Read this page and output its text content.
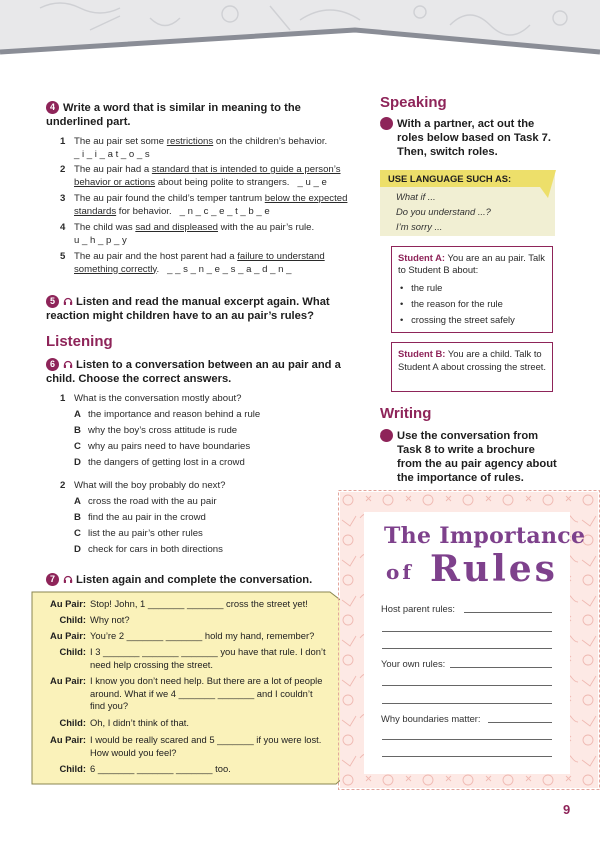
4 Write a word that is similar in meaning to the underlined part.
1 The au pair set some restrictions on the children’s behavior.
_ i _ i _ a t _ o _ s
2 The au pair had a standard that is intended to guide a person’s behavior or actions about being polite to strangers. _ u _ e
3 The au pair found the child’s temper tantrum below the expected standards for behavior. _ n _ c _ e _ t _ b _ e
4 The child was sad and displeased with the au pair’s rule.
u _ h _ p _ y
5 The au pair and the host parent had a failure to understand something correctly. _ _ s _ n _ e _ s _ a _ d _ n _
5 Listen and read the manual excerpt again. What reaction might children have to an au pair’s rules?
Listening
6 Listen to a conversation between an au pair and a child. Choose the correct answers.
1 What is the conversation mostly about?
A the importance and reason behind a rule
B why the boy’s cross attitude is rude
C why au pairs need to have boundaries
D the dangers of getting lost in a crowd
2 What will the boy probably do next?
A cross the road with the au pair
B find the au pair in the crowd
C list the au pair’s other rules
D check for cars in both directions
7 Listen again and complete the conversation.
Au Pair: Stop! John, 1 _______ _______ cross the street yet!
Child: Why not?
Au Pair: You’re 2 _______ _______ hold my hand, remember?
Child: I 3 _______ _______ _______ you have that rule. I don’t need help crossing the street.
Au Pair: I know you don’t need help. But there are a lot of people around. What if we 4 _______ _______ and I couldn’t find you?
Child: Oh, I didn’t think of that.
Au Pair: I would be really scared and 5 _______ if you were lost. How would you feel?
Child: 6 _______ _______ _______ too.
Speaking
8 With a partner, act out the roles below based on Task 7. Then, switch roles.
USE LANGUAGE SUCH AS:
What if ...
Do you understand ...?
I’m sorry ...
Student A: You are an au pair. Talk to Student B about:
•   the rule
•   the reason for the rule
•   crossing the street safely
Student B: You are a child. Talk to Student A about crossing the street.
Writing
9 Use the conversation from Task 8 to write a brochure from the au pair agency about the importance of rules.
The Importance
of Rules
Host parent rules:
Your own rules:
Why boundaries matter:
9
